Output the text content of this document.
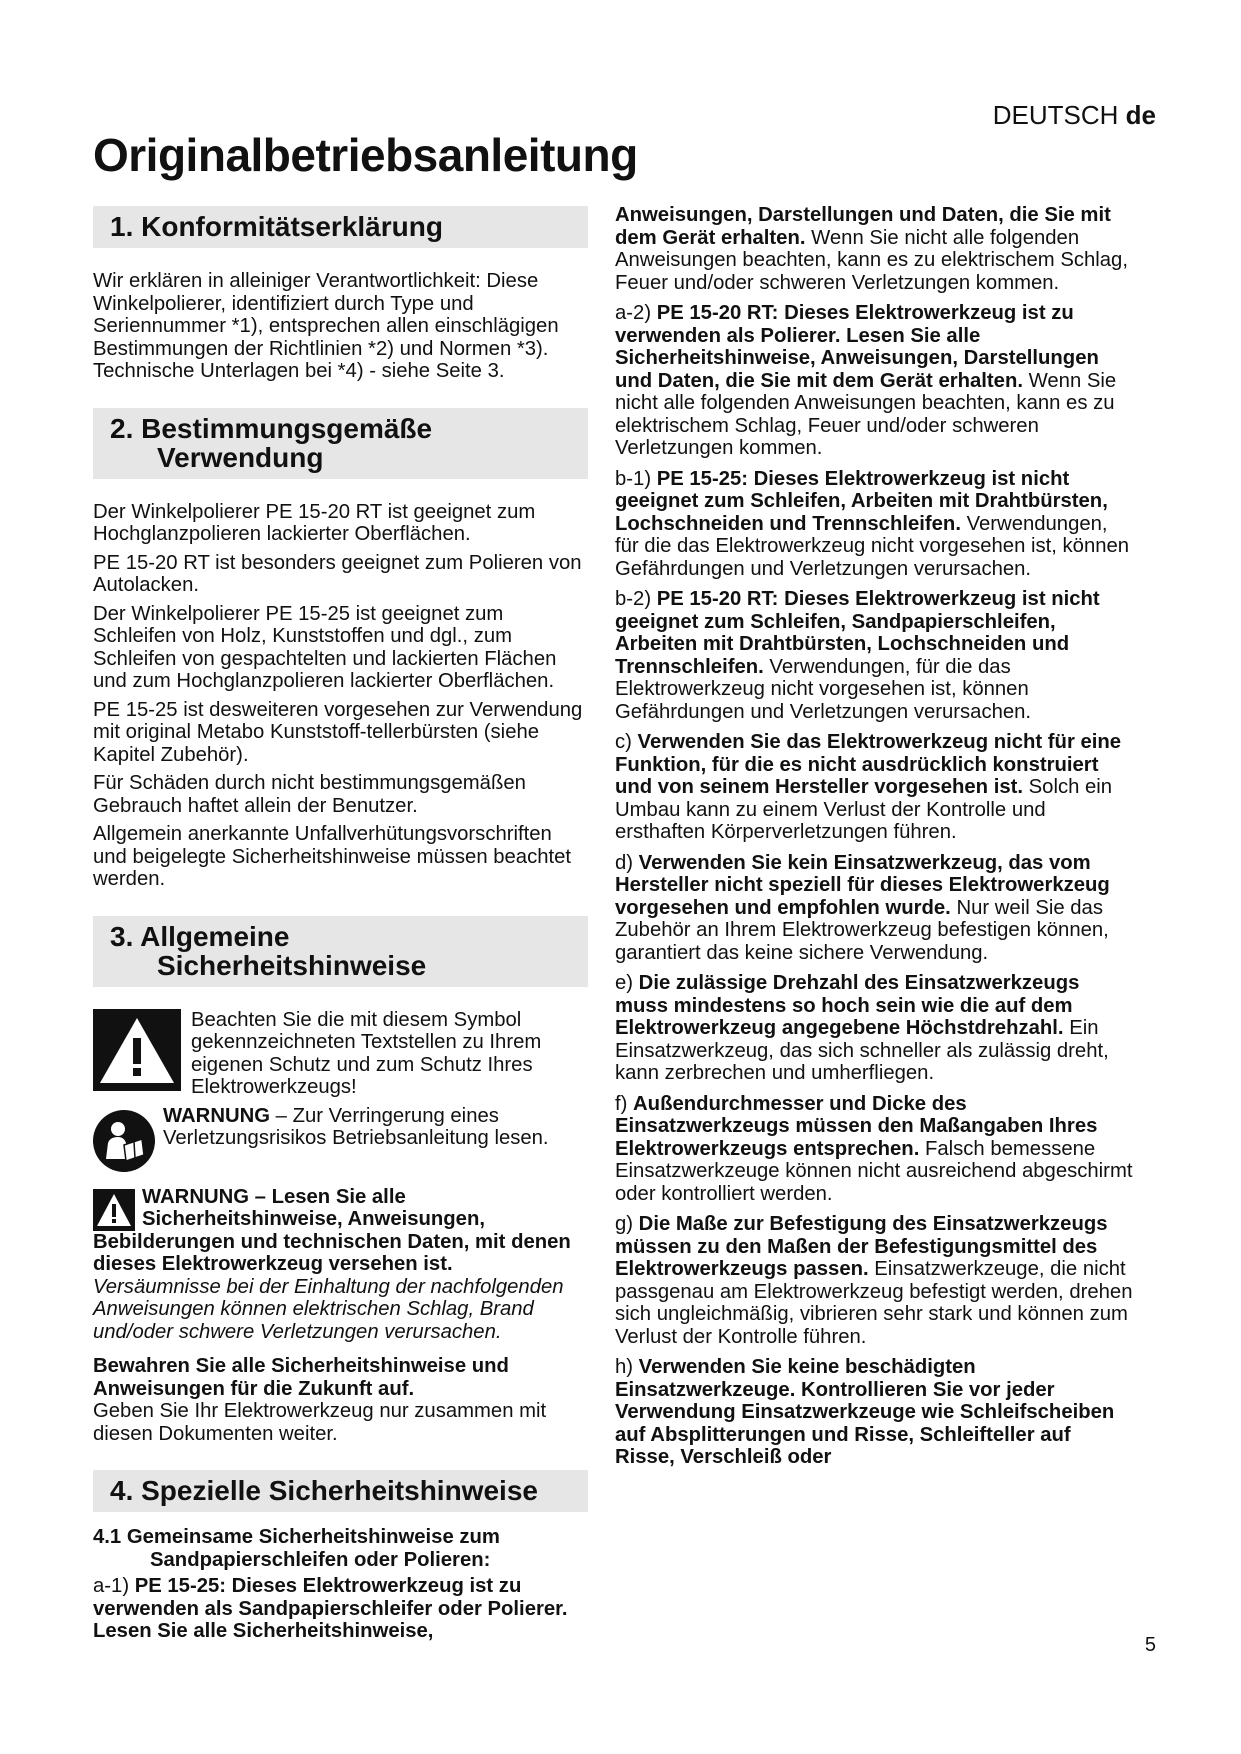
DEUTSCH de
Originalbetriebsanleitung
1. Konformitätserklärung

Wir erklären in alleiniger Verantwortlichkeit: Diese Winkelpolierer, identifiziert durch Type und Seriennummer *1), entsprechen allen einschlägigen Bestimmungen der Richtlinien *2) und Normen *3). Technische Unterlagen bei *4) - siehe Seite 3.

2. Bestimmungsgemäße
Verwendung

Der Winkelpolierer PE 15-20 RT ist geeignet zum Hochglanzpolieren lackierter Oberflächen.

PE 15-20 RT ist besonders geeignet zum Polieren von Autolacken.

Der Winkelpolierer PE 15-25 ist geeignet zum Schleifen von Holz, Kunststoffen und dgl., zum Schleifen von gespachtelten und lackierten Flächen und zum Hochglanzpolieren lackierter Oberflächen.

PE 15-25 ist desweiteren vorgesehen zur Verwendung mit original Metabo Kunststoff-tellerbürsten (siehe Kapitel Zubehör).

Für Schäden durch nicht bestimmungsgemäßen Gebrauch haftet allein der Benutzer.

Allgemein anerkannte Unfallverhütungsvorschriften und beigelegte Sicherheitshinweise müssen beachtet werden.

3. Allgemeine
Sicherheitshinweise

Beachten Sie die mit diesem Symbol gekennzeichneten Textstellen zu Ihrem eigenen Schutz und zum Schutz Ihres Elektrowerkzeugs!

WARNUNG – Zur Verringerung eines Verletzungsrisikos Betriebsanleitung lesen.

WARNUNG – Lesen Sie alle Sicherheitshinweise, Anweisungen, Bebilderungen und technischen Daten, mit denen dieses Elektrowerkzeug versehen ist.

Versäumnisse bei der Einhaltung der nachfolgenden Anweisungen können elektrischen Schlag, Brand und/oder schwere Verletzungen verursachen.

Bewahren Sie alle Sicherheitshinweise und Anweisungen für die Zukunft auf.

Geben Sie Ihr Elektrowerkzeug nur zusammen mit diesen Dokumenten weiter.

4. Spezielle Sicherheitshinweise
4.1 Gemeinsame Sicherheitshinweise zum
Sandpapierschleifen oder Polieren:

a-1) PE 15-25: Dieses Elektrowerkzeug ist zu verwenden als Sandpapierschleifer oder Polierer. Lesen Sie alle Sicherheitshinweise,

Anweisungen, Darstellungen und Daten, die Sie mit dem Gerät erhalten. Wenn Sie nicht alle folgenden Anweisungen beachten, kann es zu elektrischem Schlag, Feuer und/oder schweren Verletzungen kommen.

a-2) PE 15-20 RT: Dieses Elektrowerkzeug ist zu verwenden als Polierer. Lesen Sie alle Sicherheitshinweise, Anweisungen, Darstellungen und Daten, die Sie mit dem Gerät erhalten. Wenn Sie nicht alle folgenden Anweisungen beachten, kann es zu elektrischem Schlag, Feuer und/oder schweren Verletzungen kommen.

b-1) PE 15-25: Dieses Elektrowerkzeug ist nicht geeignet zum Schleifen, Arbeiten mit Drahtbürsten, Lochschneiden und Trennschleifen. Verwendungen, für die das Elektrowerkzeug nicht vorgesehen ist, können Gefährdungen und Verletzungen verursachen.

b-2) PE 15-20 RT: Dieses Elektrowerkzeug ist nicht geeignet zum Schleifen, Sandpapierschleifen, Arbeiten mit Drahtbürsten, Lochschneiden und Trennschleifen. Verwendungen, für die das Elektrowerkzeug nicht vorgesehen ist, können Gefährdungen und Verletzungen verursachen.

c) Verwenden Sie das Elektrowerkzeug nicht für eine Funktion, für die es nicht ausdrücklich konstruiert und von seinem Hersteller vorgesehen ist. Solch ein Umbau kann zu einem Verlust der Kontrolle und ersthaften Körperverletzungen führen.

d) Verwenden Sie kein Einsatzwerkzeug, das vom Hersteller nicht speziell für dieses Elektrowerkzeug vorgesehen und empfohlen wurde. Nur weil Sie das Zubehör an Ihrem Elektrowerkzeug befestigen können, garantiert das keine sichere Verwendung.

e) Die zulässige Drehzahl des Einsatzwerkzeugs muss mindestens so hoch sein wie die auf dem Elektrowerkzeug angegebene Höchstdrehzahl. Ein Einsatzwerkzeug, das sich schneller als zulässig dreht, kann zerbrechen und umherfliegen.

f) Außendurchmesser und Dicke des Einsatzwerkzeugs müssen den Maßangaben Ihres Elektrowerkzeugs entsprechen. Falsch bemessene Einsatzwerkzeuge können nicht ausreichend abgeschirmt oder kontrolliert werden.

g) Die Maße zur Befestigung des Einsatzwerkzeugs müssen zu den Maßen der Befestigungsmittel des Elektrowerkzeugs passen. Einsatzwerkzeuge, die nicht passgenau am Elektrowerkzeug befestigt werden, drehen sich ungleichmäßig, vibrieren sehr stark und können zum Verlust der Kontrolle führen.

h) Verwenden Sie keine beschädigten Einsatzwerkzeuge. Kontrollieren Sie vor jeder Verwendung Einsatzwerkzeuge wie Schleifscheiben auf Absplitterungen und Risse, Schleifteller auf Risse, Verschleiß oder

5
